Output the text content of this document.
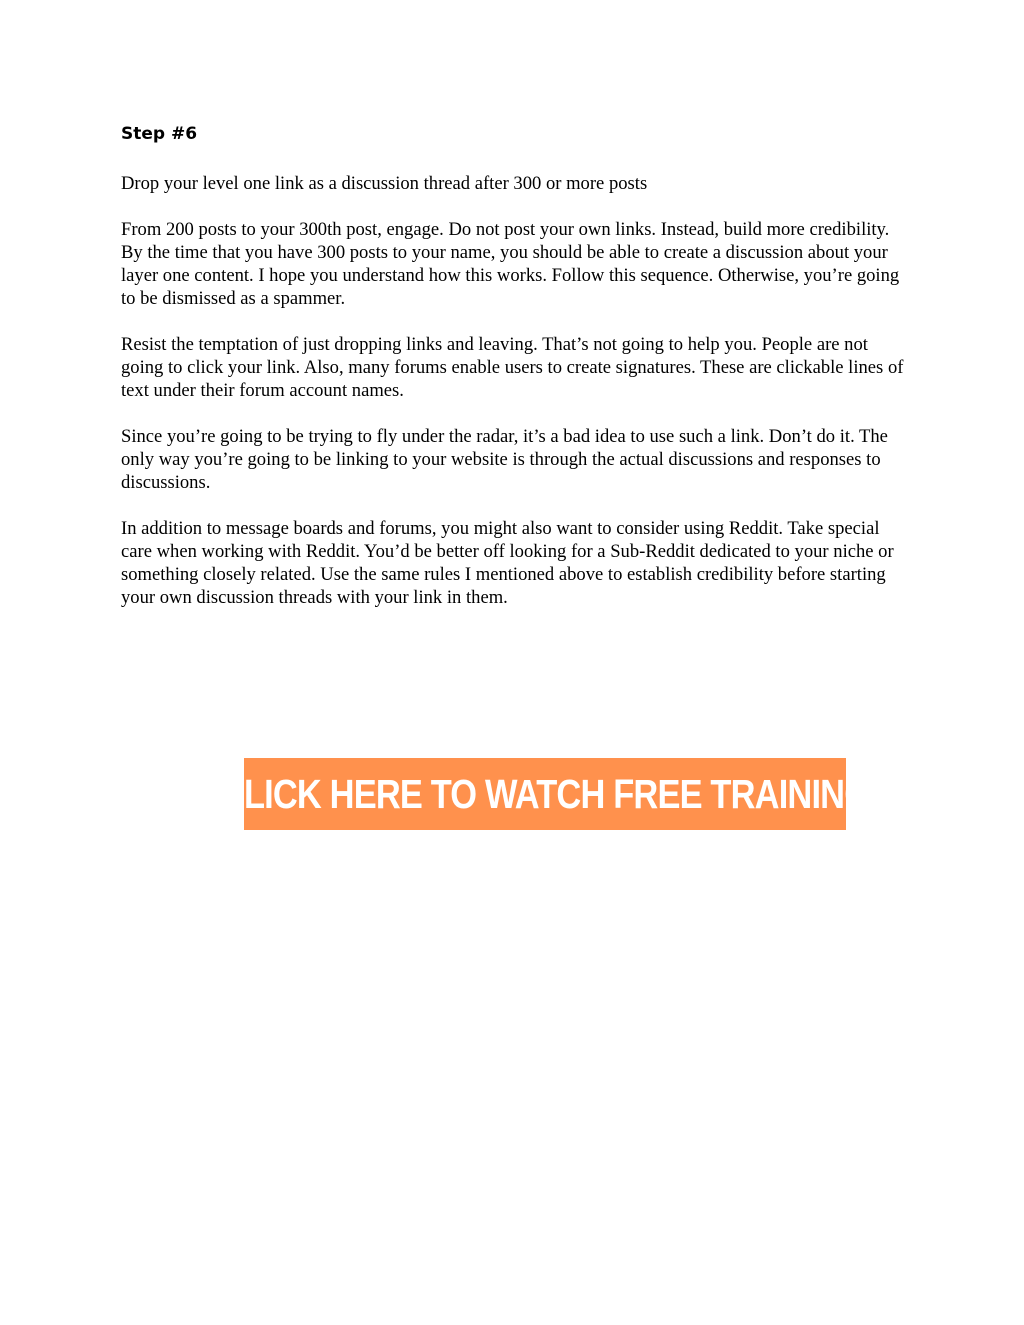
Step #6

Drop your level one link as a discussion thread after 300 or more posts

From 200 posts to your 300th post, engage. Do not post your own links. Instead, build more credibility. By the time that you have 300 posts to your name, you should be able to create a discussion about your layer one content. I hope you understand how this works. Follow this sequence. Otherwise, you’re going to be dismissed as a spammer.

Resist the temptation of just dropping links and leaving. That’s not going to help you. People are not going to click your link. Also, many forums enable users to create signatures. These are clickable lines of text under their forum account names.

Since you’re going to be trying to fly under the radar, it’s a bad idea to use such a link. Don’t do it. The only way you’re going to be linking to your website is through the actual discussions and responses to discussions.

In addition to message boards and forums, you might also want to consider using Reddit. Take special care when working with Reddit. You’d be better off looking for a Sub-Reddit dedicated to your niche or something closely related. Use the same rules I mentioned above to establish credibility before starting your own discussion threads with your link in them.

CLICK HERE TO WATCH FREE TRAINING
